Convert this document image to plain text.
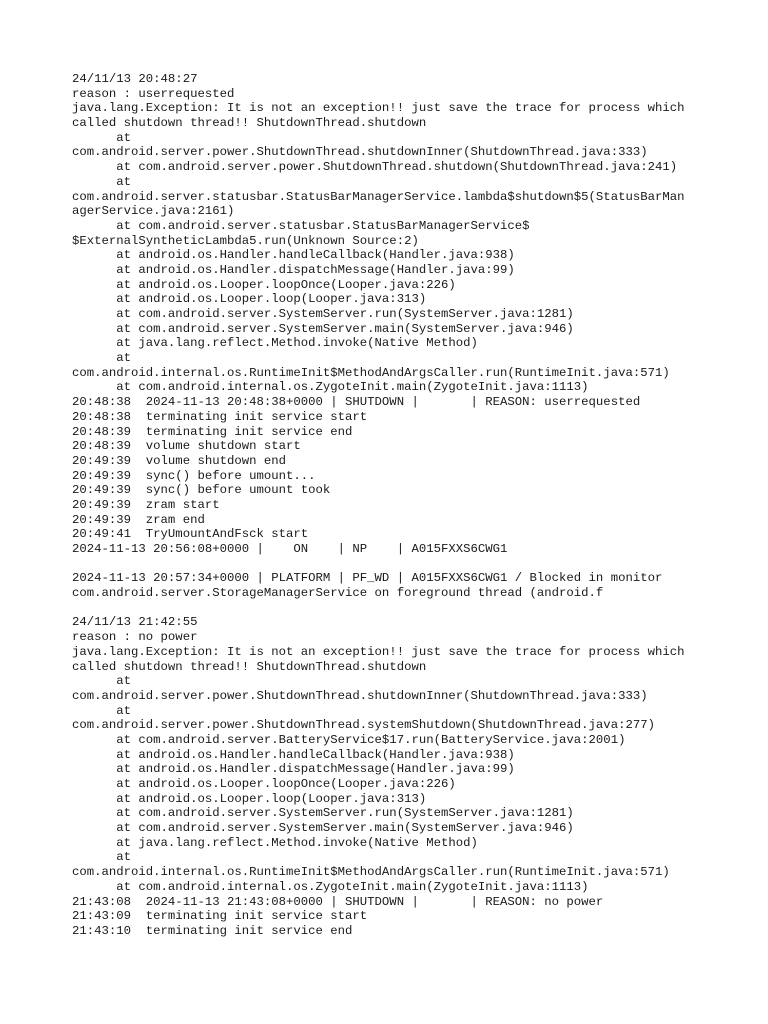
24/11/13 20:48:27
reason : userrequested
java.lang.Exception: It is not an exception!! just save the trace for process which
called shutdown thread!! ShutdownThread.shutdown
at
com.android.server.power.ShutdownThread.shutdownInner(ShutdownThread.java:333)
at com.android.server.power.ShutdownThread.shutdown(ShutdownThread.java:241)
at
com.android.server.statusbar.StatusBarManagerService.lambda$shutdown$5(StatusBarMan
agerService.java:2161)
at com.android.server.statusbar.StatusBarManagerService$
$ExternalSyntheticLambda5.run(Unknown Source:2)
at android.os.Handler.handleCallback(Handler.java:938)
at android.os.Handler.dispatchMessage(Handler.java:99)
at android.os.Looper.loopOnce(Looper.java:226)
at android.os.Looper.loop(Looper.java:313)
at com.android.server.SystemServer.run(SystemServer.java:1281)
at com.android.server.SystemServer.main(SystemServer.java:946)
at java.lang.reflect.Method.invoke(Native Method)
at
com.android.internal.os.RuntimeInit$MethodAndArgsCaller.run(RuntimeInit.java:571)
at com.android.internal.os.ZygoteInit.main(ZygoteInit.java:1113)
20:48:38  2024-11-13 20:48:38+0000 | SHUTDOWN |       | REASON: userrequested
20:48:38  terminating init service start
20:48:39  terminating init service end
20:48:39  volume shutdown start
20:49:39  volume shutdown end
20:49:39  sync() before umount...
20:49:39  sync() before umount took
20:49:39  zram start
20:49:39  zram end
20:49:41  TryUmountAndFsck start
2024-11-13 20:56:08+0000 |    ON    | NP    | A015FXXS6CWG1
2024-11-13 20:57:34+0000 | PLATFORM | PF_WD | A015FXXS6CWG1 / Blocked in monitor
com.android.server.StorageManagerService on foreground thread (android.f
24/11/13 21:42:55
reason : no power
java.lang.Exception: It is not an exception!! just save the trace for process which
called shutdown thread!! ShutdownThread.shutdown
at
com.android.server.power.ShutdownThread.shutdownInner(ShutdownThread.java:333)
at
com.android.server.power.ShutdownThread.systemShutdown(ShutdownThread.java:277)
at com.android.server.BatteryService$17.run(BatteryService.java:2001)
at android.os.Handler.handleCallback(Handler.java:938)
at android.os.Handler.dispatchMessage(Handler.java:99)
at android.os.Looper.loopOnce(Looper.java:226)
at android.os.Looper.loop(Looper.java:313)
at com.android.server.SystemServer.run(SystemServer.java:1281)
at com.android.server.SystemServer.main(SystemServer.java:946)
at java.lang.reflect.Method.invoke(Native Method)
at
com.android.internal.os.RuntimeInit$MethodAndArgsCaller.run(RuntimeInit.java:571)
at com.android.internal.os.ZygoteInit.main(ZygoteInit.java:1113)
21:43:08  2024-11-13 21:43:08+0000 | SHUTDOWN |       | REASON: no power
21:43:09  terminating init service start
21:43:10  terminating init service end
